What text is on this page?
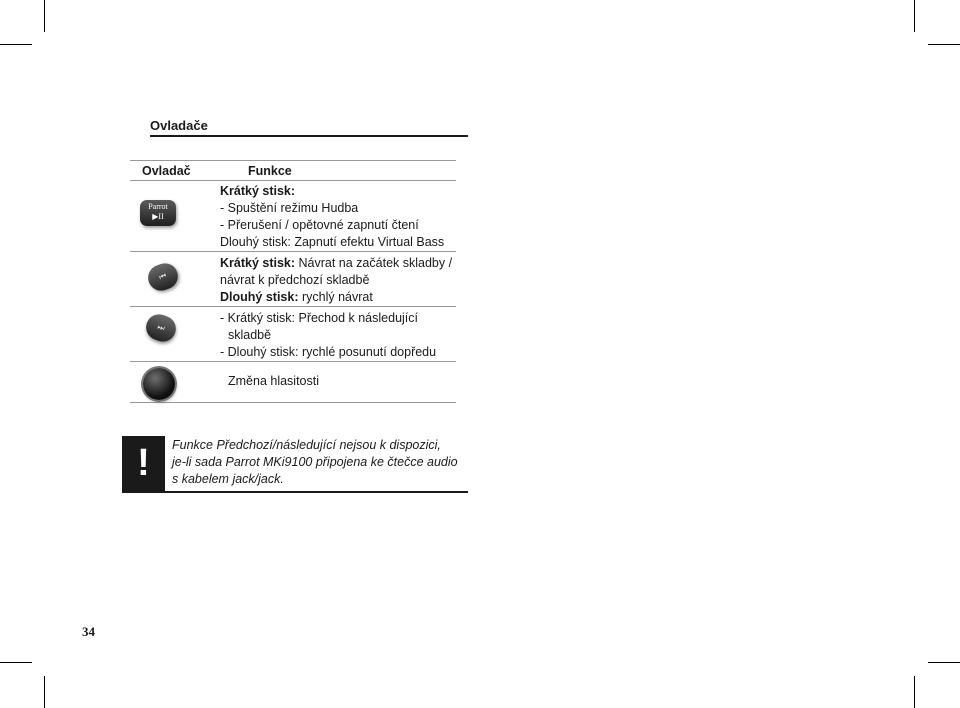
Ovladače
Ovladač	Funkce
Parrot
▶II
Krátký stisk:
- Spuštění režimu Hudba
- Přerušení / opětovné zapnutí čtení
Dlouhý stisk: Zapnutí efektu Virtual Bass
⏮
Krátký stisk: Návrat na začátek skladby / návrat k předchozí skladbě
Dlouhý stisk: rychlý návrat
⏭
- Krátký stisk: Přechod k následující
skladbě
- Dlouhý stisk: rychlé posunutí dopředu
Změna hlasitosti
!	Funkce Předchozí/následující nejsou k dispozici,
je-li sada Parrot MKi9100 připojena ke čtečce audio
s kabelem jack/jack.
34
